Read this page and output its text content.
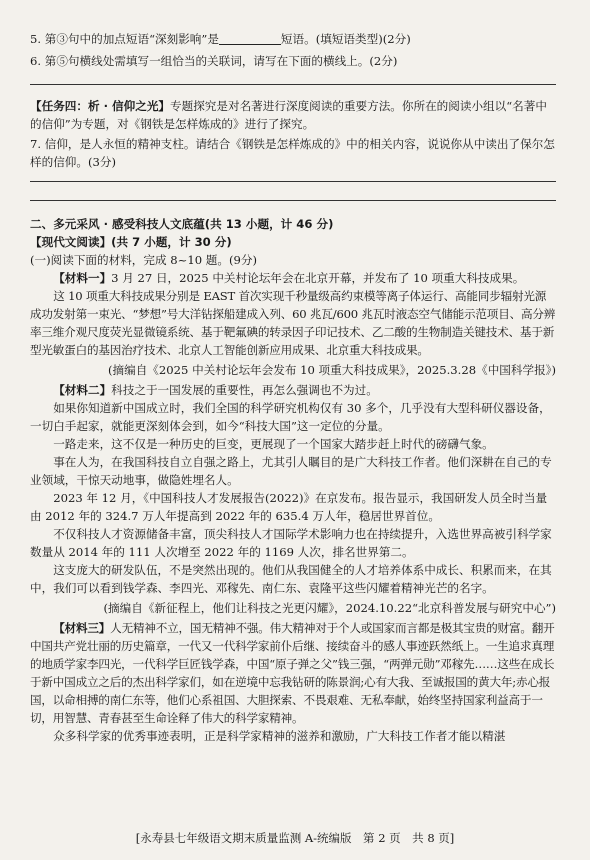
5. 第③句中的加点短语“深刻影响”是	短语。(填短语类型)(2分)

6. 第⑤句横线处需填写一组恰当的关联词，请写在下面的横线上。(2分)

【任务四：析 · 信仰之光】专题探究是对名著进行深度阅读的重要方法。你所在的阅读小组以“名著中的信仰”为专题，对《钢铁是怎样炼成的》进行了探究。

7. 信仰，是人永恒的精神支柱。请结合《钢铁是怎样炼成的》中的相关内容，说说你从中读出了保尔怎样的信仰。(3分)

二、多元采风 · 感受科技人文底蕴(共 13 小题，计 46 分)
【现代文阅读】(共 7 小题，计 30 分)
(一)阅读下面的材料，完成 8~10 题。(9分)

【材料一】3 月 27 日，2025 中关村论坛年会在北京开幕，并发布了 10 项重大科技成果。

这 10 项重大科技成果分别是 EAST 首次实现千秒量级高约束模等离子体运行、高能同步辐射光源成功发射第一束光、“梦想”号大洋钻探船建成入列、60 兆瓦/600 兆瓦时液态空气储能示范项目、高分辨率三维介观尺度荧光显微镜系统、基于靶氟碘的转录因子印记技术、乙二酸的生物制造关键技术、基于新型光敏蛋白的基因治疗技术、北京人工智能创新应用成果、北京重大科技成果。

(摘编自《2025 中关村论坛年会发布 10 项重大科技成果》，2025.3.28《中国科学报》)

【材料二】科技之于一国发展的重要性，再怎么强调也不为过。

如果你知道新中国成立时，我们全国的科学研究机构仅有 30 多个，几乎没有大型科研仪器设备，一切白手起家，就能更深刻体会到，如今“科技大国”这一定位的分量。

一路走来，这不仅是一种历史的巨变，更展现了一个国家大踏步赶上时代的磅礴气象。

事在人为，在我国科技自立自强之路上，尤其引人瞩目的是广大科技工作者。他们深耕在自己的专业领域，干惊天动地事，做隐姓埋名人。

2023 年 12 月，《中国科技人才发展报告(2022)》在京发布。报告显示，我国研发人员全时当量由 2012 年的 324.7 万人年提高到 2022 年的 635.4 万人年，稳居世界首位。

不仅科技人才资源储备丰富，顶尖科技人才国际学术影响力也在持续提升，入选世界高被引科学家数量从 2014 年的 111 人次增至 2022 年的 1169 人次，排名世界第二。

这支庞大的研发队伍，不是突然出现的。他们从我国健全的人才培养体系中成长、积累而来，在其中，我们可以看到钱学森、李四光、邓稼先、南仁东、袁隆平这些闪耀着精神光芒的名字。

(摘编自《新征程上，他们让科技之光更闪耀》，2024.10.22“北京科普发展与研究中心”)

【材料三】人无精神不立，国无精神不强。伟大精神对于个人或国家而言都是极其宝贵的财富。翻开中国共产党壮丽的历史篇章，一代又一代科学家前仆后继、接续奋斗的感人事迹跃然纸上。一生追求真理的地质学家李四光，一代科学巨匠钱学森，中国“原子弹之父”钱三强，“两弹元勋”邓稼先……这些在成长于新中国成立之后的杰出科学家们，如在逆境中忘我钻研的陈景润;心有大我、至诚报国的黄大年;赤心报国，以命相搏的南仁东等，他们心系祖国、大胆探索、不畏艰难、无私奉献，始终坚持国家利益高于一切，用智慧、青春甚至生命诠释了伟大的科学家精神。

众多科学家的优秀事迹表明，正是科学家精神的滋养和激励，广大科技工作者才能以精湛

[永寿县七年级语文期末质量监测 A-统编版　第 2 页　共 8 页]
